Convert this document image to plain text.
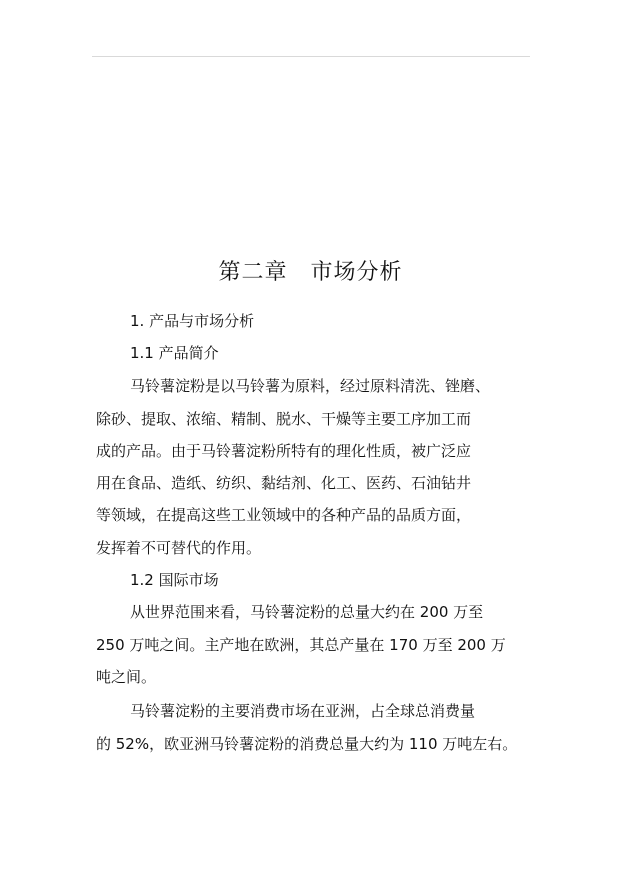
第二章　市场分析
1. 产品与市场分析
1.1 产品简介
马铃薯淀粉是以马铃薯为原料，经过原料清洗、锉磨、
除砂、提取、浓缩、精制、脱水、干燥等主要工序加工而
成的产品。由于马铃薯淀粉所特有的理化性质，被广泛应
用在食品、造纸、纺织、黏结剂、化工、医药、石油钻井
等领域，在提高这些工业领域中的各种产品的品质方面，
发挥着不可替代的作用。
1.2 国际市场
从世界范围来看，马铃薯淀粉的总量大约在 200 万至
250 万吨之间。主产地在欧洲，其总产量在 170 万至 200 万
吨之间。
马铃薯淀粉的主要消费市场在亚洲，占全球总消费量
的 52%，欧亚洲马铃薯淀粉的消费总量大约为 110 万吨左右。
